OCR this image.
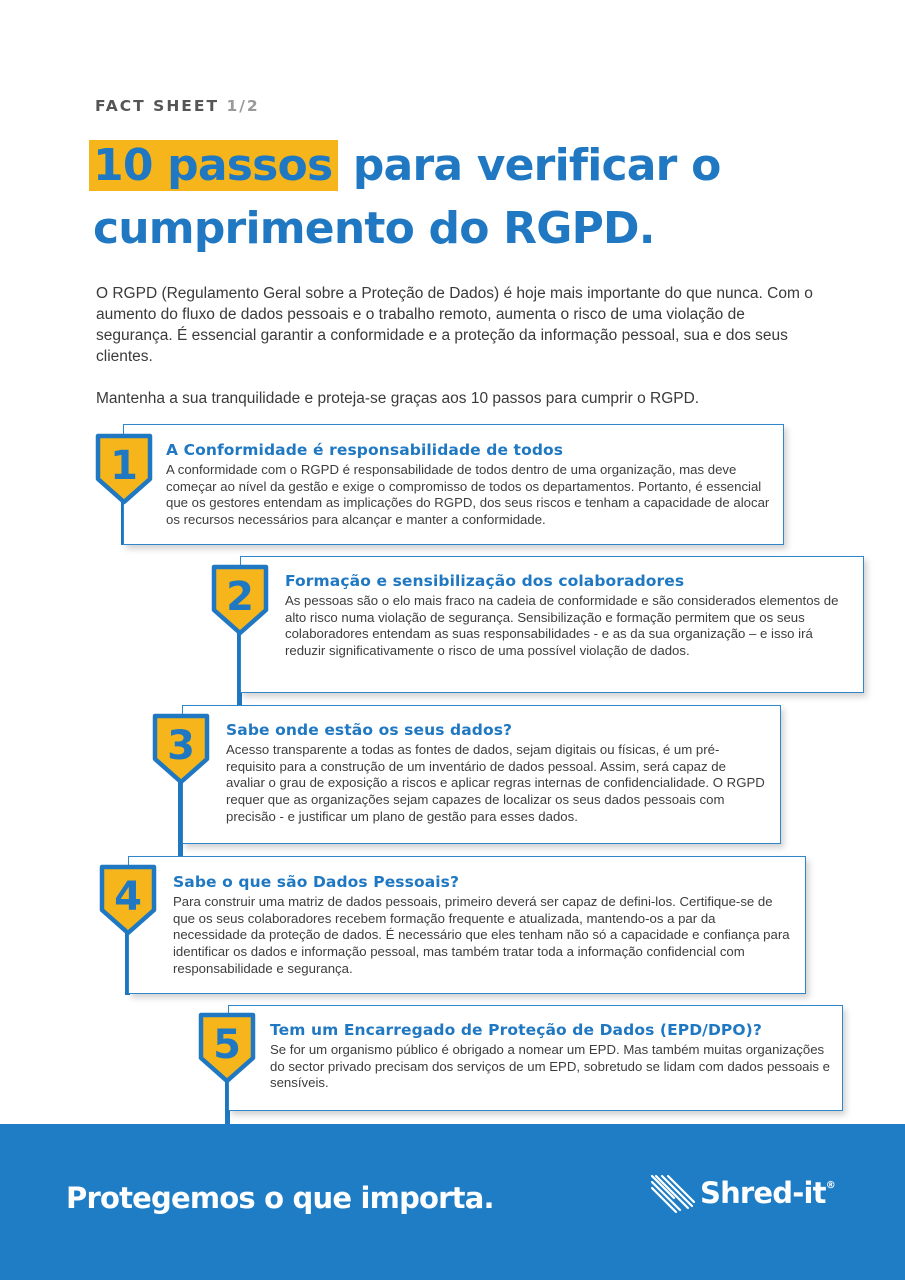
FACT SHEET 1/2
10 passos para verificar o cumprimento do RGPD.

O RGPD (Regulamento Geral sobre a Proteção de Dados) é hoje mais importante do que nunca. Com o aumento do fluxo de dados pessoais e o trabalho remoto, aumenta o risco de uma violação de segurança. É essencial garantir a conformidade e a proteção da informação pessoal, sua e dos seus clientes.

Mantenha a sua tranquilidade e proteja-se graças aos 10 passos para cumprir o RGPD.

A Conformidade é responsabilidade de todos
A conformidade com o RGPD é responsabilidade de todos dentro de uma organização, mas deve começar ao nível da gestão e exige o compromisso de todos os departamentos. Portanto, é essencial que os gestores entendam as implicações do RGPD, dos seus riscos e tenham a capacidade de alocar os recursos necessários para alcançar e manter a conformidade.
1
Formação e sensibilização dos colaboradores
As pessoas são o elo mais fraco na cadeia de conformidade e são considerados elementos de alto risco numa violação de segurança. Sensibilização e formação permitem que os seus colaboradores entendam as suas responsabilidades - e as da sua organização – e isso irá reduzir significativamente o risco de uma possível violação de dados.
2
Sabe onde estão os seus dados?
Acesso transparente a todas as fontes de dados, sejam digitais ou físicas, é um pré-requisito para a construção de um inventário de dados pessoal. Assim, será capaz de avaliar o grau de exposição a riscos e aplicar regras internas de confidencialidade. O RGPD requer que as organizações sejam capazes de localizar os seus dados pessoais com precisão - e justificar um plano de gestão para esses dados.
3
Sabe o que são Dados Pessoais?
Para construir uma matriz de dados pessoais, primeiro deverá ser capaz de defini-los. Certifique-se de que os seus colaboradores recebem formação frequente e atualizada, mantendo-os a par da necessidade da proteção de dados. É necessário que eles tenham não só a capacidade e confiança para identificar os dados e informação pessoal, mas também tratar toda a informação confidencial com responsabilidade e segurança.
4
Tem um Encarregado de Proteção de Dados (EPD/DPO)?
Se for um organismo público é obrigado a nomear um EPD. Mas também muitas organizações do sector privado precisam dos serviços de um EPD, sobretudo se lidam com dados pessoais e sensíveis.
5
Protegemos o que importa.	Shred-it®
